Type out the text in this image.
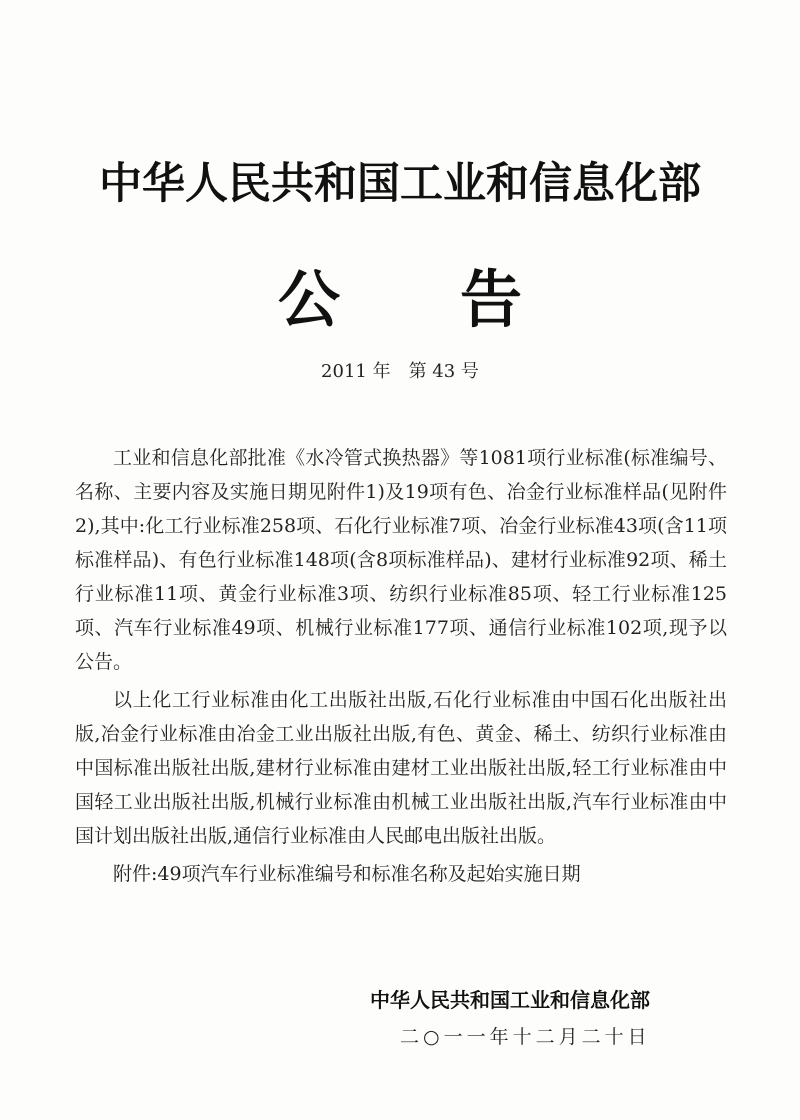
中华人民共和国工业和信息化部
公 告
2011 年 第 43 号

工业和信息化部批准《水冷管式换热器》等1081项行业标准(标准编号、名称、主要内容及实施日期见附件1)及19项有色、冶金行业标准样品(见附件2),其中:化工行业标准258项、石化行业标准7项、冶金行业标准43项(含11项标准样品)、有色行业标准148项(含8项标准样品)、建材行业标准92项、稀土行业标准11项、黄金行业标准3项、纺织行业标准85项、轻工行业标准125项、汽车行业标准49项、机械行业标准177项、通信行业标准102项,现予以公告。

以上化工行业标准由化工出版社出版,石化行业标准由中国石化出版社出版,冶金行业标准由冶金工业出版社出版,有色、黄金、稀土、纺织行业标准由中国标准出版社出版,建材行业标准由建材工业出版社出版,轻工行业标准由中国轻工业出版社出版,机械行业标准由机械工业出版社出版,汽车行业标准由中国计划出版社出版,通信行业标准由人民邮电出版社出版。

附件:49项汽车行业标准编号和标准名称及起始实施日期

中华人民共和国工业和信息化部
二○一一年十二月二十日
